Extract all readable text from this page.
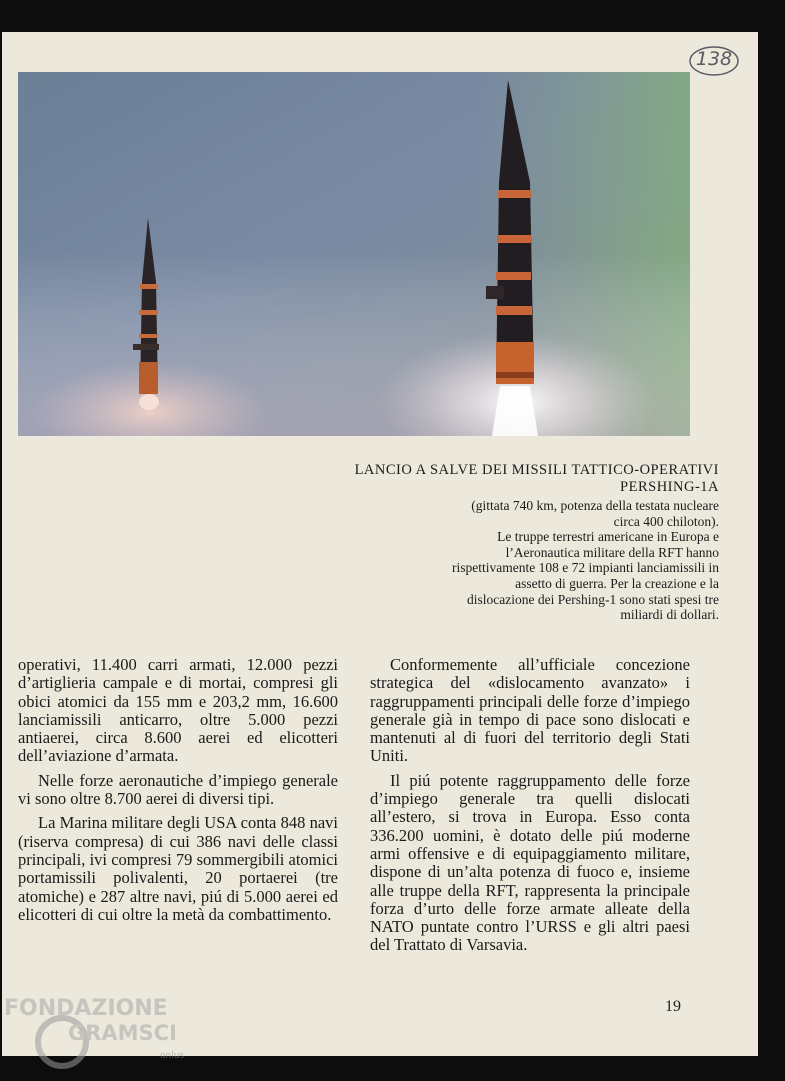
138
LANCIO A SALVE DEI MISSILI TATTICO-OPERATIVI
PERSHING-1A
(gittata 740 km, potenza della testata nucleare
circa 400 chiloton).
Le truppe terrestri americane in Europa e
l’Aeronautica militare della RFT hanno
rispettivamente 108 e 72 impianti lanciamissili in
assetto di guerra. Per la creazione e la
dislocazione dei Pershing-1 sono stati spesi tre
miliardi di dollari.

operativi, 11.400 carri armati, 12.000 pezzi d’artiglieria campale e di mortai, compresi gli obici atomici da 155 mm e 203,2 mm, 16.600 lanciamissili anticarro, oltre 5.000 pezzi antiaerei, circa 8.600 aerei ed elicotteri dell’aviazione d’armata.

Nelle forze aeronautiche d’impiego generale vi sono oltre 8.700 aerei di diversi tipi.

La Marina militare degli USA conta 848 navi (riserva compresa) di cui 386 navi delle classi principali, ivi compresi 79 sommergibili atomici portamissili polivalenti, 20 portaerei (tre atomiche) e 287 altre navi, piú di 5.000 aerei ed elicotteri di cui oltre la metà da combattimento.

Conformemente all’ufficiale concezione strategica del «dislocamento avanzato» i raggruppamenti principali delle forze d’impiego generale già in tempo di pace sono dislocati e mantenuti al di fuori del territorio degli Stati Uniti.

Il piú potente raggruppamento delle forze d’impiego generale tra quelli dislocati all’estero, si trova in Europa. Esso conta 336.200 uomini, è dotato delle piú moderne armi offensive e di equipaggiamento militare, dispone di un’alta potenza di fuoco e, insieme alle truppe della RFT, rappresenta la principale forza d’urto delle forze armate alleate della NATO puntate contro l’URSS e gli altri paesi del Trattato di Varsavia.

19
FONDAZIONE
GRAMSCI
onlus
